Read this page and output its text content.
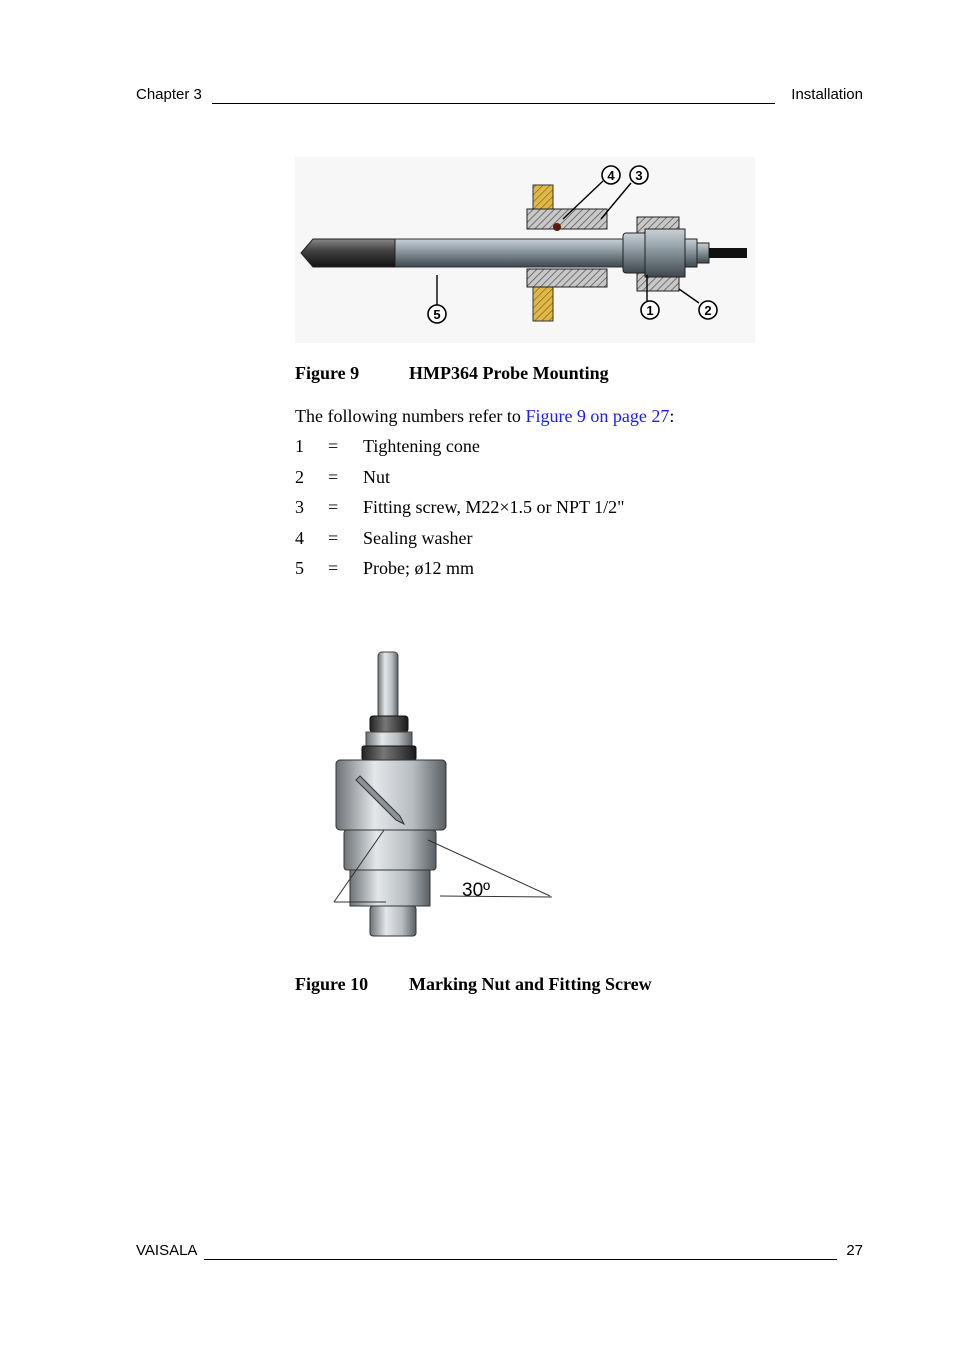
Chapter 3	Installation
4 3
5	1	2
Figure 9	HMP364 Probe Mounting
The following numbers refer to Figure 9 on page 27:
1 = Tightening cone
2 = Nut
3 = Fitting screw, M22×1.5 or NPT 1/2"
4 = Sealing washer
5 = Probe; ø12 mm
30º
Figure 10 Marking Nut and Fitting Screw
VAISALA	27
